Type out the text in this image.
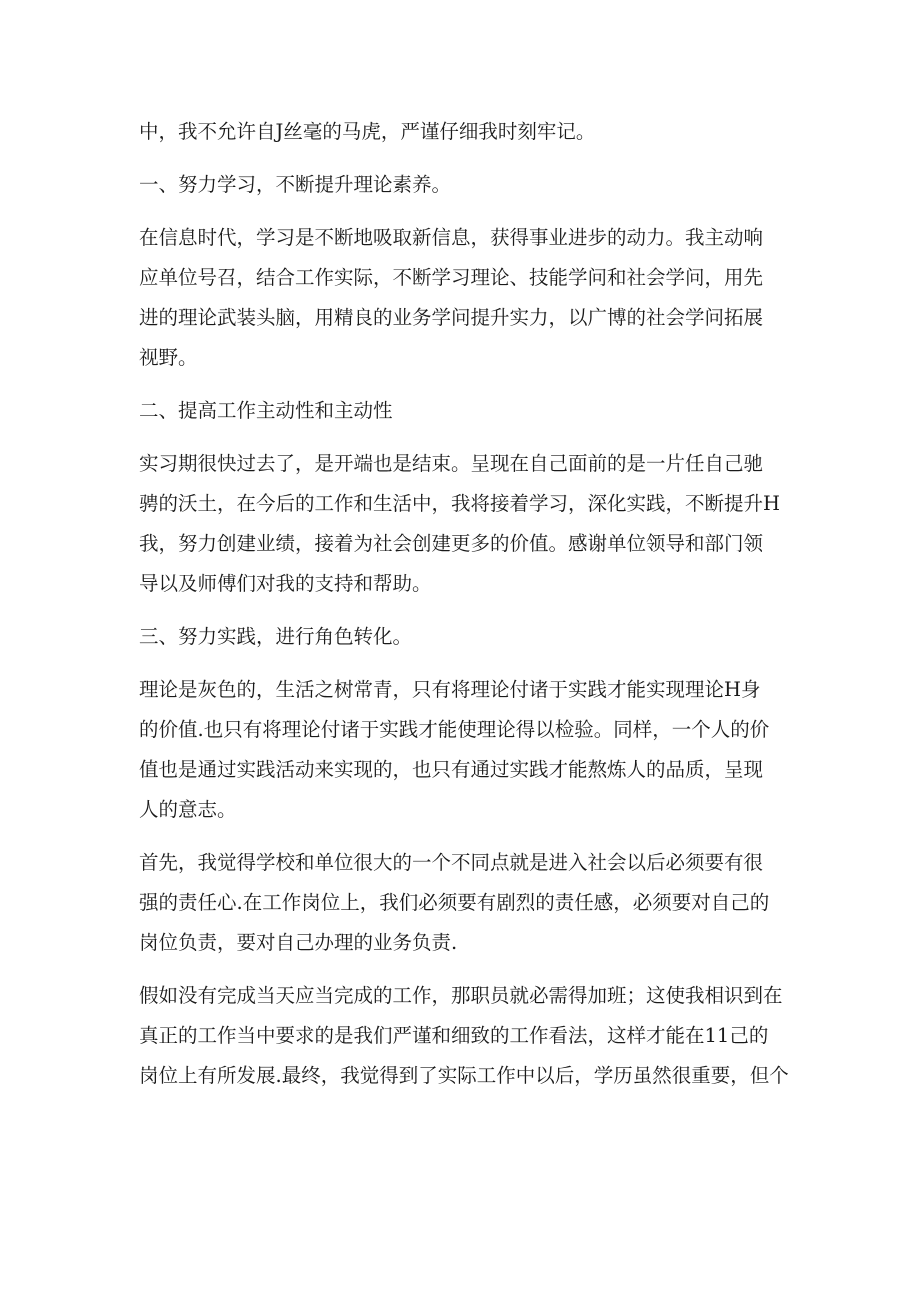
中，我不允许自J丝毫的马虎，严谨仔细我时刻牢记。
一、努力学习，不断提升理论素养。
在信息时代，学习是不断地吸取新信息，获得事业进步的动力。我主动响
应单位号召，结合工作实际，不断学习理论、技能学问和社会学问，用先
进的理论武装头脑，用精良的业务学问提升实力，以广博的社会学问拓展
视野。
二、提高工作主动性和主动性
实习期很快过去了，是开端也是结束。呈现在自己面前的是一片任自己驰
骋的沃土，在今后的工作和生活中，我将接着学习，深化实践，不断提升H
我，努力创建业绩，接着为社会创建更多的价值。感谢单位领导和部门领
导以及师傅们对我的支持和帮助。
三、努力实践，进行角色转化。
理论是灰色的，生活之树常青，只有将理论付诸于实践才能实现理论H身
的价值.也只有将理论付诸于实践才能使理论得以检验。同样，一个人的价
值也是通过实践活动来实现的，也只有通过实践才能熬炼人的品质，呈现
人的意志。
首先，我觉得学校和单位很大的一个不同点就是进入社会以后必须要有很
强的责任心.在工作岗位上，我们必须要有剧烈的责任感，必须要对自己的
岗位负责，要对自己办理的业务负责.
假如没有完成当天应当完成的工作，那职员就必需得加班；这使我相识到在
真正的工作当中要求的是我们严谨和细致的工作看法，这样才能在11己的
岗位上有所发展.最终，我觉得到了实际工作中以后，学历虽然很重要，但个
